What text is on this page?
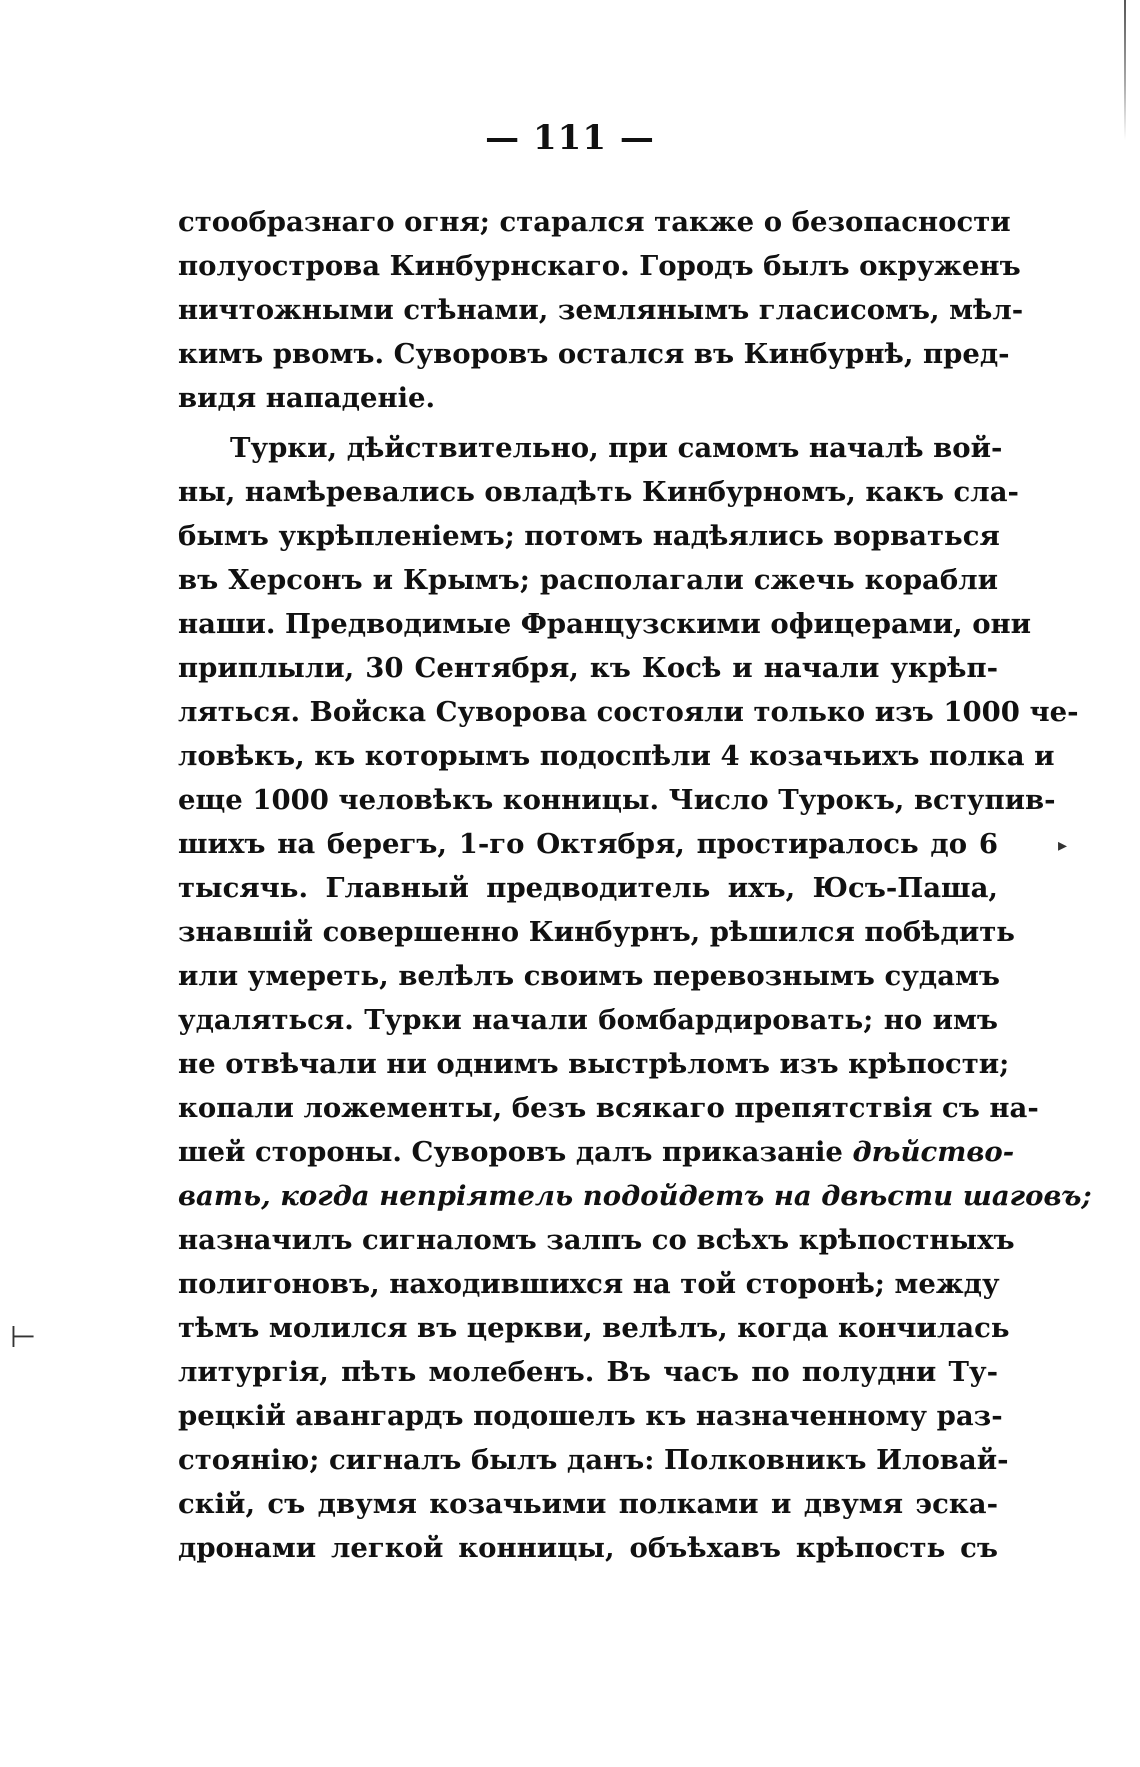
— 111 —
стообразнаго огня; старался также о безопасности
полуострова Кинбурнскаго. Городъ былъ окруженъ
ничтожными стѣнами, землянымъ гласисомъ, мѣл-
кимъ рвомъ. Суворовъ остался въ Кинбурнѣ, пред-
видя нападеніе.
Турки, дѣйствительно, при самомъ началѣ вой-
ны, намѣревались овладѣть Кинбурномъ, какъ сла-
бымъ укрѣпленіемъ; потомъ надѣялись ворваться
въ Херсонъ и Крымъ; располагали сжечь корабли
наши. Предводимые Французскими офицерами, они
приплыли, 30 Сентября, къ Косѣ и начали укрѣп-
ляться. Войска Суворова состояли только изъ 1000 че-
ловѣкъ, къ которымъ подоспѣли 4 козачьихъ полка и
еще 1000 человѣкъ конницы. Число Турокъ, вступив-
шихъ на берегъ, 1-го Октября, простиралось до 6
тысячь. Главный предводитель ихъ, Юсъ-Паша,
знавшій совершенно Кинбурнъ, рѣшился побѣдить
или умереть, велѣлъ своимъ перевознымъ судамъ
удаляться. Турки начали бомбардировать; но имъ
не отвѣчали ни однимъ выстрѣломъ изъ крѣпости;
копали ложементы, безъ всякаго препятствія съ на-
шей стороны. Суворовъ далъ приказаніе дѣйство-
вать, когда непріятель подойдетъ на двѣсти шаговъ;
назначилъ сигналомъ залпъ со всѣхъ крѣпостныхъ
полигоновъ, находившихся на той сторонѣ; между
тѣмъ молился въ церкви, велѣлъ, когда кончилась
литургія, пѣть молебенъ. Въ часъ по полудни Ту-
рецкій авангардъ подошелъ къ назначенному раз-
стоянію; сигналъ былъ данъ: Полковникъ Иловай-
скій, съ двумя козачьими полками и двумя эска-
дронами легкой конницы, объѣхавъ крѣпость съ
⊢
▸
